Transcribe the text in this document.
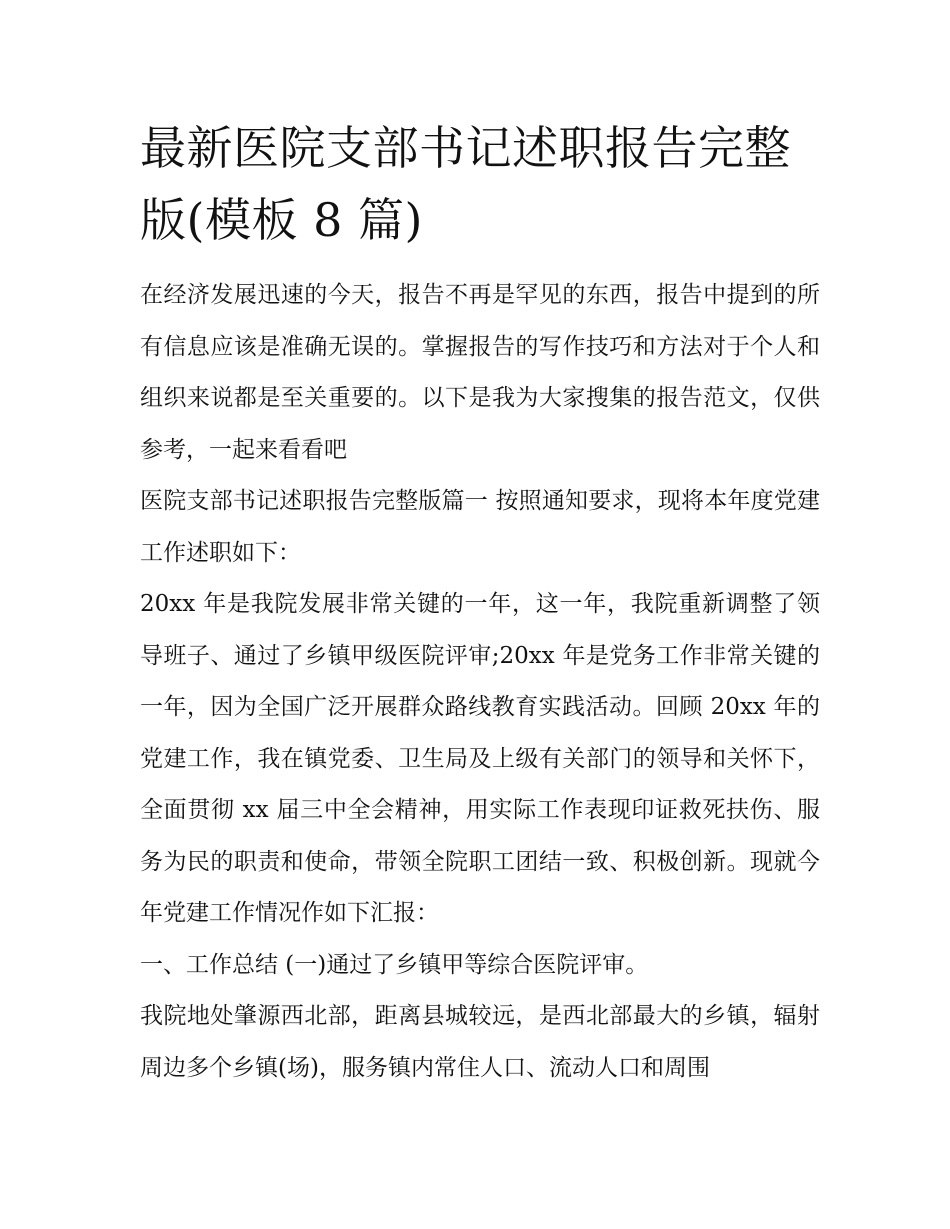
最新医院支部书记述职报告完整版(模板 8 篇)

在经济发展迅速的今天，报告不再是罕见的东西，报告中提到的所有信息应该是准确无误的。掌握报告的写作技巧和方法对于个人和组织来说都是至关重要的。以下是我为大家搜集的报告范文，仅供参考，一起来看看吧

医院支部书记述职报告完整版篇一 按照通知要求，现将本年度党建工作述职如下：

20xx 年是我院发展非常关键的一年，这一年，我院重新调整了领导班子、通过了乡镇甲级医院评审;20xx 年是党务工作非常关键的一年，因为全国广泛开展群众路线教育实践活动。回顾 20xx 年的党建工作，我在镇党委、卫生局及上级有关部门的领导和关怀下，全面贯彻 xx 届三中全会精神，用实际工作表现印证救死扶伤、服务为民的职责和使命，带领全院职工团结一致、积极创新。现就今年党建工作情况作如下汇报：

一、工作总结 (一)通过了乡镇甲等综合医院评审。

我院地处肇源西北部，距离县城较远，是西北部最大的乡镇，辐射周边多个乡镇(场)，服务镇内常住人口、流动人口和周围
